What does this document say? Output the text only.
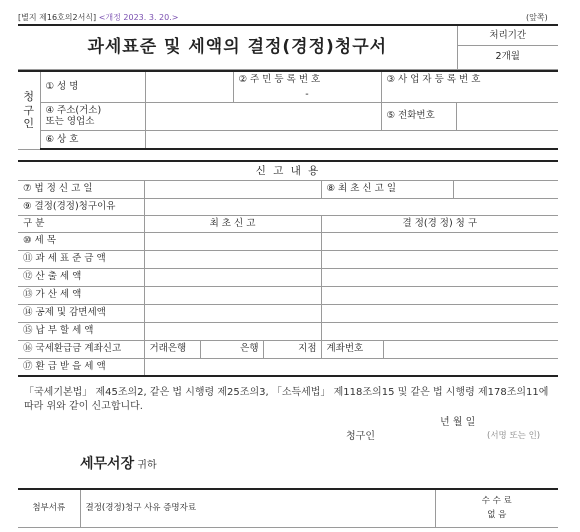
[별지 제16호의2서식] <개정 2023. 3. 20.>	(앞쪽)
과세표준 및 세액의 결정(경정)청구서	처리기간
2개월
청
구
인	① 성 명		② 주 민 등 록 번 호	③ 사 업 자 등 록 번 호	
			-		
	④ 주소(거소)
또는 영업소			⑤ 전화번호	
	⑥ 상 호				
신 고 내 용						
⑦ 법 정 신 고 일				⑧ 최 초 신 고 일		
⑨ 결정(경정)청구이유						
구 분	최 초 신 고			결 정(경 정) 청 구		
⑩ 세 목						
⑪ 과 세 표 준 금 액						
⑫ 산 출 세 액						
⑬ 가 산 세 액						
⑭ 공제 및 감면세액						
⑮ 납 부 할 세 액						
⑯ 국세환급금 계좌신고	거래은행	은행	지점	계좌번호		
⑰ 환 급 받 을 세 액						
「국세기본법」 제45조의2, 같은 법 시행령 제25조의3, 「소득세법」 제118조의15 및 같은 법 시행령 제178조의11에 따라 위와 같이 신고합니다.
년 월 일
청구인	(서명 또는 인)
세무서장 귀하
첨부서류	결정(경정)청구 사유 증명자료	
수 수 료
없 음
